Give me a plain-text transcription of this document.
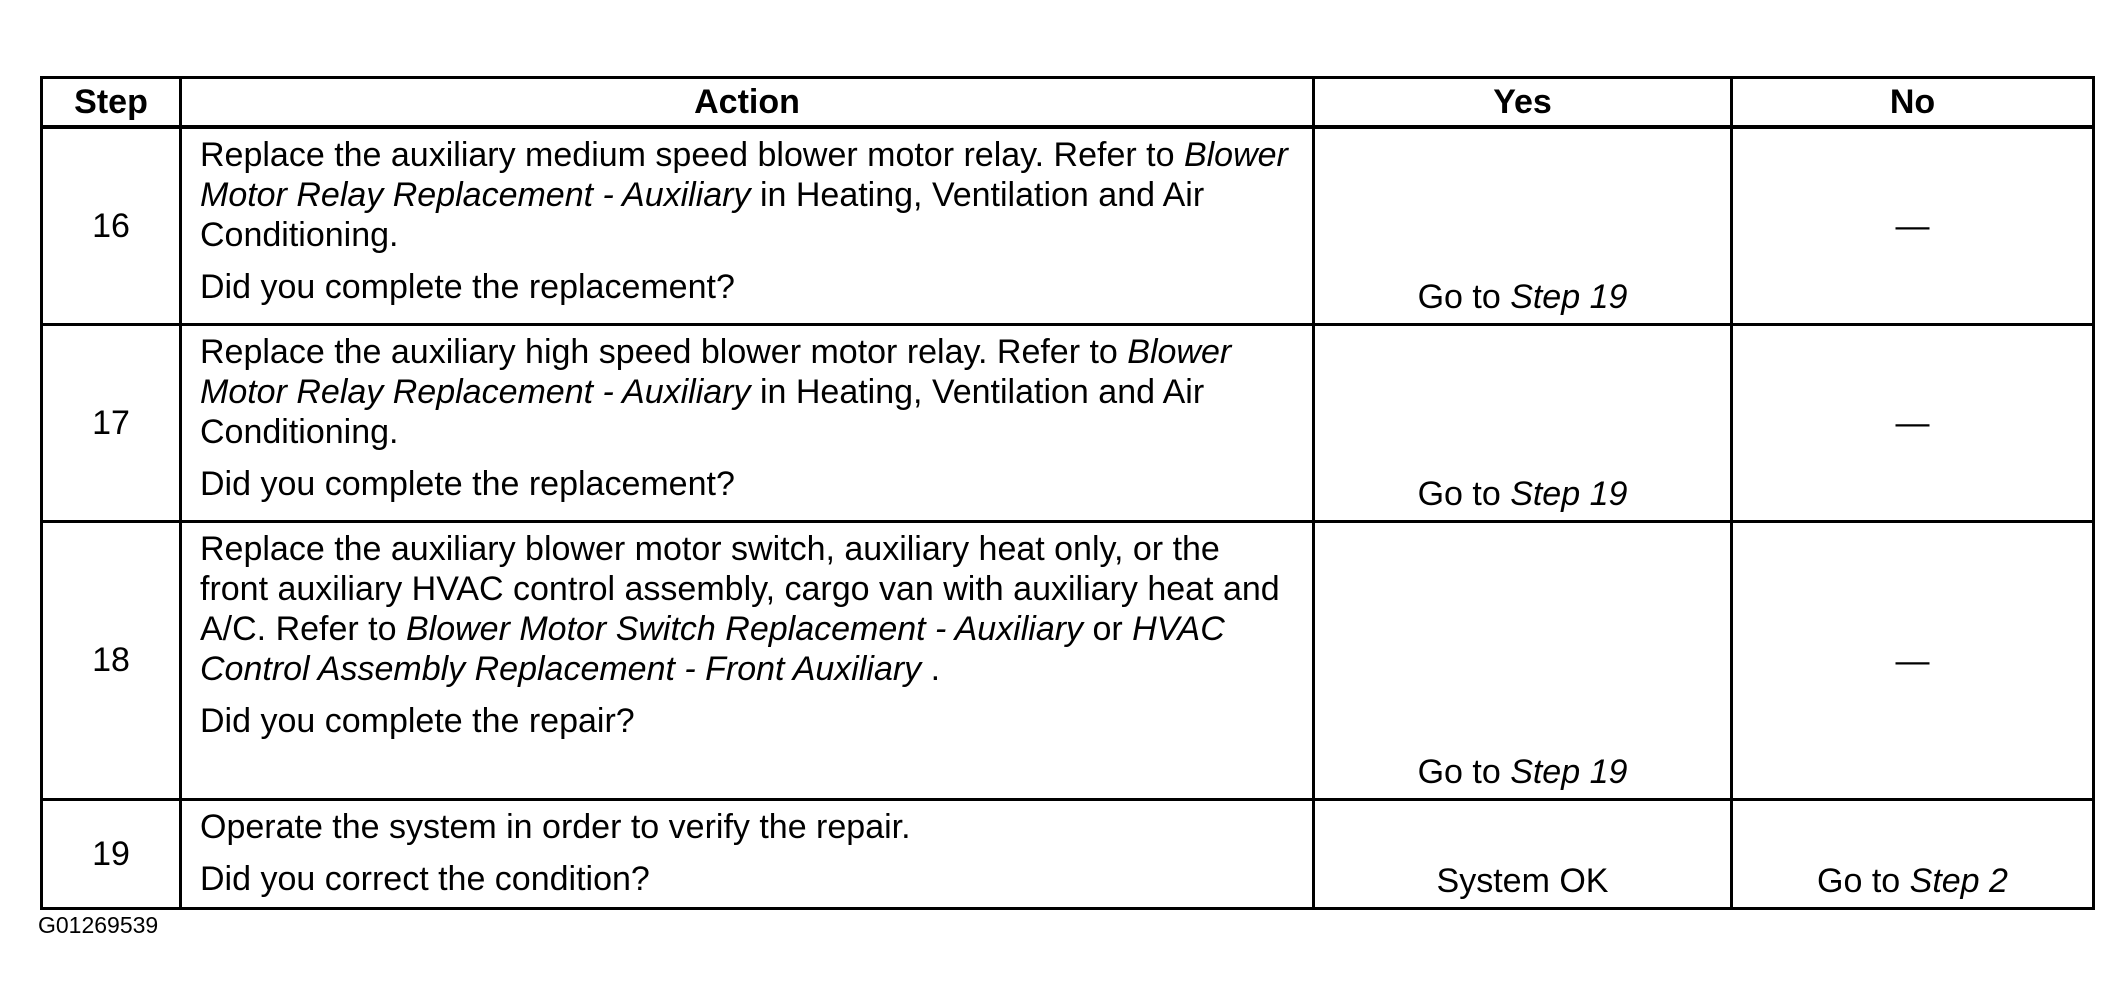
Step	Action	Yes	No
16	Replace the auxiliary medium speed blower motor relay. Refer to Blower Motor Relay Replacement - Auxiliary in Heating, Ventilation and Air Conditioning.

Did you complete the replacement?	Go to Step 19	—
17	Replace the auxiliary high speed blower motor relay. Refer to Blower Motor Relay Replacement - Auxiliary in Heating, Ventilation and Air Conditioning.

Did you complete the replacement?	Go to Step 19	—
18	Replace the auxiliary blower motor switch, auxiliary heat only, or the front auxiliary HVAC control assembly, cargo van with auxiliary heat and A/C. Refer to Blower Motor Switch Replacement - Auxiliary or HVAC Control Assembly Replacement - Front Auxiliary .

Did you complete the repair?	Go to Step 19	—
19	Operate the system in order to verify the repair.

Did you correct the condition?	System OK	Go to Step 2
G01269539
